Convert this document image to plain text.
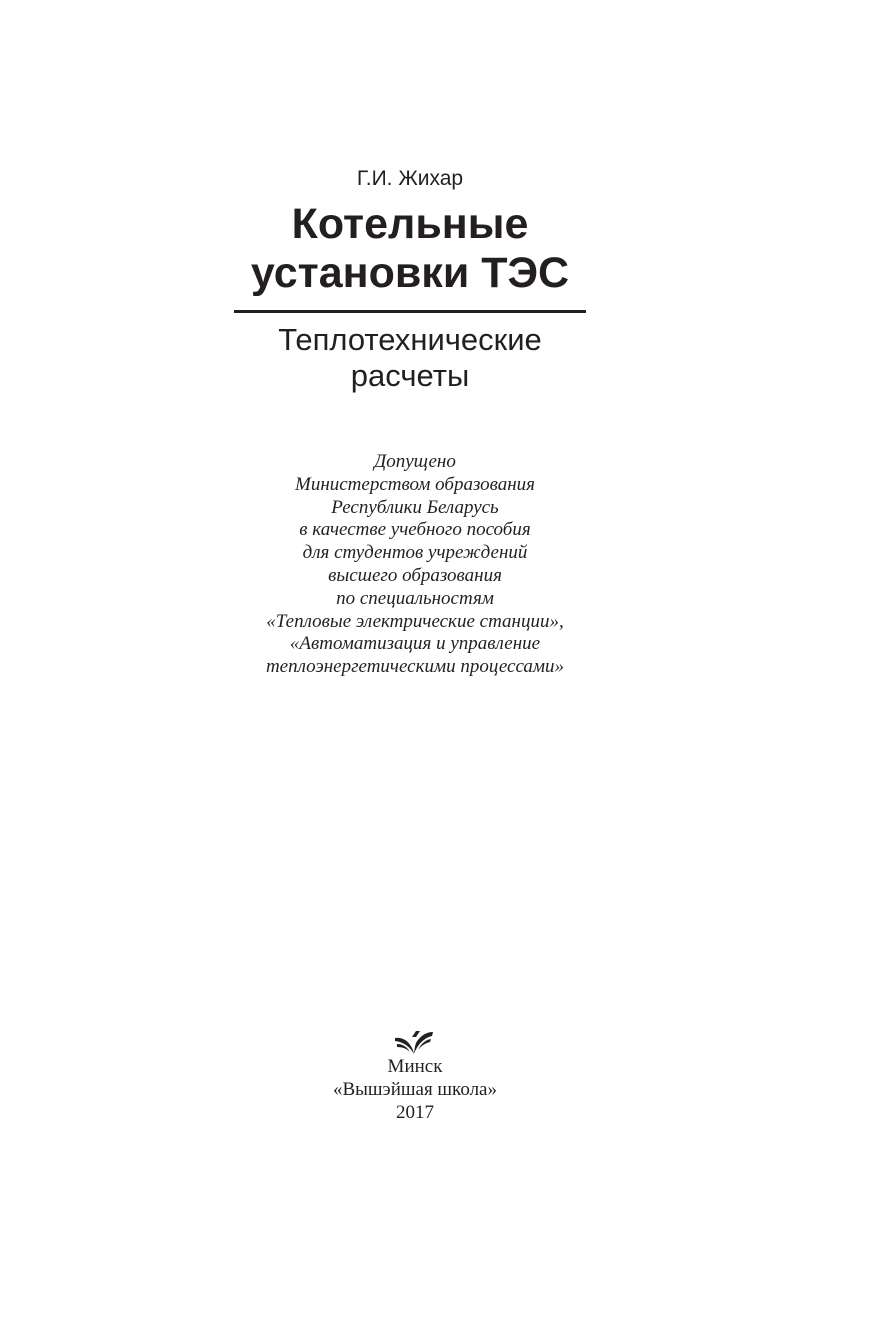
Г.И. Жихар
Котельные
установки ТЭС
Теплотехнические
расчеты
Допущено
Министерством образования
Республики Беларусь
в качестве учебного пособия
для студентов учреждений
высшего образования
по специальностям
«Тепловые электрические станции»,
«Автоматизация и управление
теплоэнергетическими процессами»
Минск
«Вышэйшая школа»
2017
